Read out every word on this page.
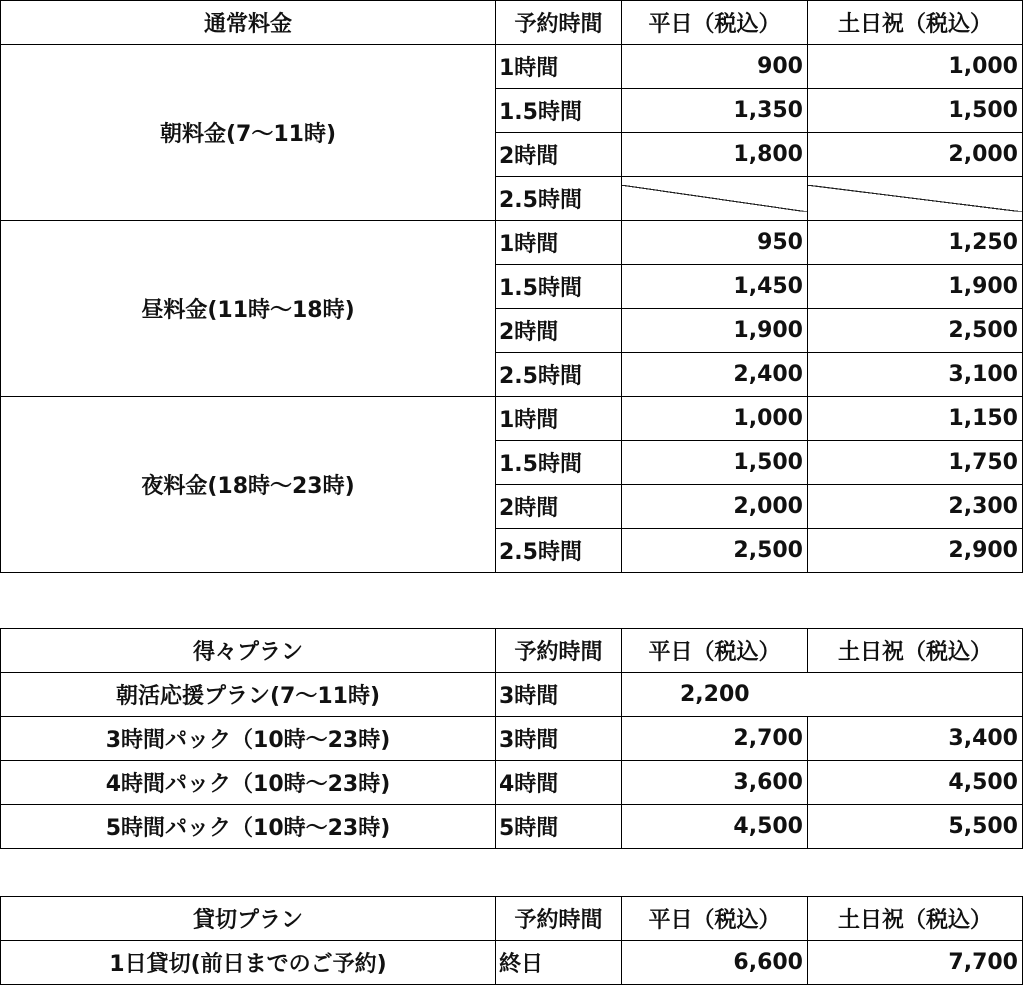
通常料金	予約時間	平日（税込）	土日祝（税込）
朝料金(7〜11時)	1時間	900	1,000
	1.5時間	1,350	1,500
	2時間	1,800	2,000
	2.5時間		
昼料金(11時〜18時)	1時間	950	1,250
	1.5時間	1,450	1,900
	2時間	1,900	2,500
	2.5時間	2,400	3,100
夜料金(18時〜23時)	1時間	1,000	1,150
	1.5時間	1,500	1,750
	2時間	2,000	2,300
	2.5時間	2,500	2,900
得々プラン	予約時間	平日（税込）	土日祝（税込）
朝活応援プラン(7〜11時)	3時間	2,200	
3時間パック（10時〜23時)	3時間	2,700	3,400
4時間パック（10時〜23時)	4時間	3,600	4,500
5時間パック（10時〜23時)	5時間	4,500	5,500
貸切プラン	予約時間	平日（税込）	土日祝（税込）
1日貸切(前日までのご予約)	終日	6,600	7,700
